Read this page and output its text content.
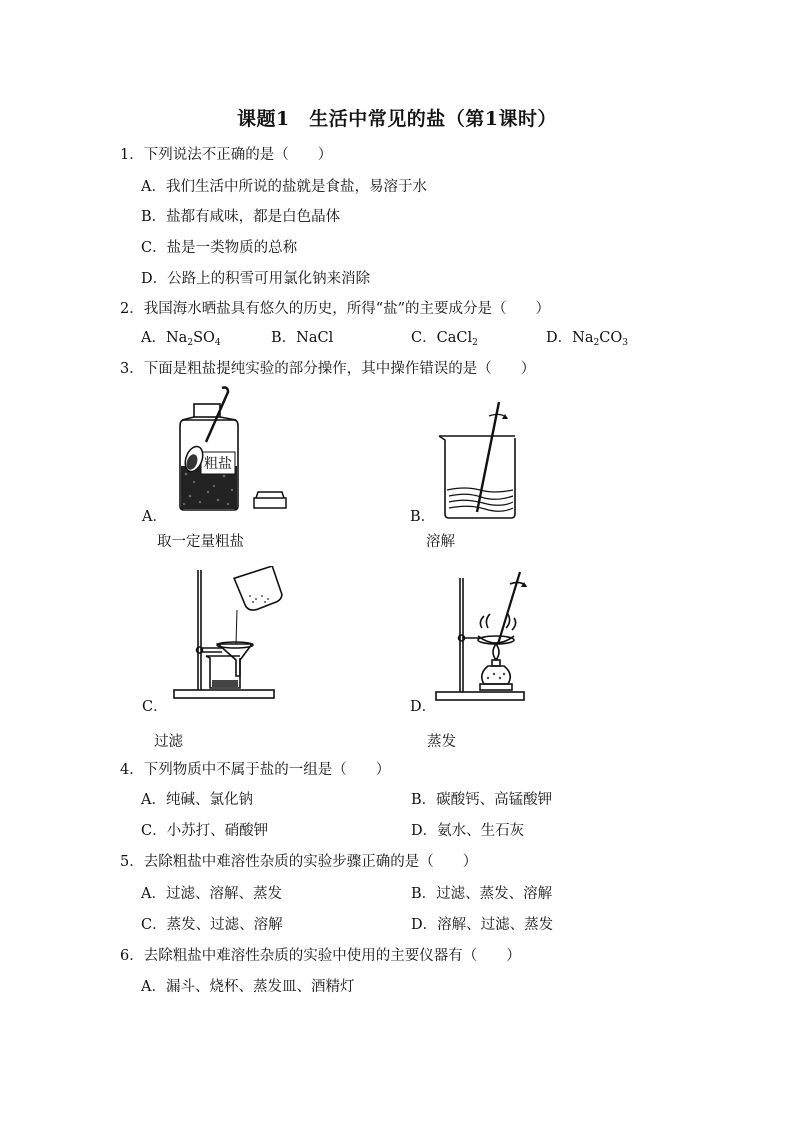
课题1　生活中常见的盐（第1课时）
1．下列说法不正确的是（　　）
A．我们生活中所说的盐就是食盐，易溶于水
B．盐都有咸味，都是白色晶体
C．盐是一类物质的总称
D．公路上的积雪可用氯化钠来消除
2．我国海水晒盐具有悠久的历史，所得“盐”的主要成分是（　　）
A．$Na_2SO_4$	B．NaCl	C．CaCl$_2$	D．$Na_2CO_3$
3．下面是粗盐提纯实验的部分操作，其中操作错误的是（　　）
粗盐
A．
取一定量粗盐
B．
溶解
C．
过滤
D．
蒸发
4．下列物质中不属于盐的一组是（　　）
A．纯碱、氯化钠	B．碳酸钙、高锰酸钾
C．小苏打、硝酸钾	D．氨水、生石灰
5．去除粗盐中难溶性杂质的实验步骤正确的是（　　）
A．过滤、溶解、蒸发	B．过滤、蒸发、溶解
C．蒸发、过滤、溶解	D．溶解、过滤、蒸发
6．去除粗盐中难溶性杂质的实验中使用的主要仪器有（　　）
A．漏斗、烧杯、蒸发皿、酒精灯
